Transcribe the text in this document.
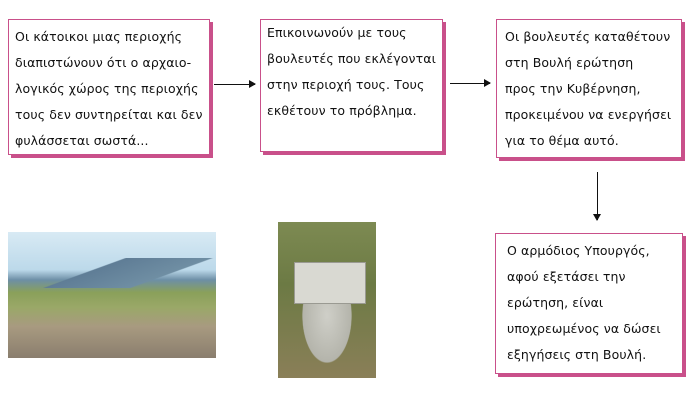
Οι κάτοικοι μιας περιοχής

διαπιστώνουν ότι ο αρχαιο-

λογικός χώρος της περιοχής

τους δεν συντηρείται και δεν

φυλάσσεται σωστά...

Επικοινωνούν με τους

βουλευτές που εκλέγονται

στην περιοχή τους. Τους

εκθέτουν το πρόβλημα.

Οι βουλευτές καταθέτουν

στη Βουλή ερώτηση

προς την Κυβέρνηση,

προκειμένου να ενεργήσει

για το θέμα αυτό.

Ο αρμόδιος Υπουργός,

αφού εξετάσει την

ερώτηση, είναι

υποχρεωμένος να δώσει

εξηγήσεις στη Βουλή.
